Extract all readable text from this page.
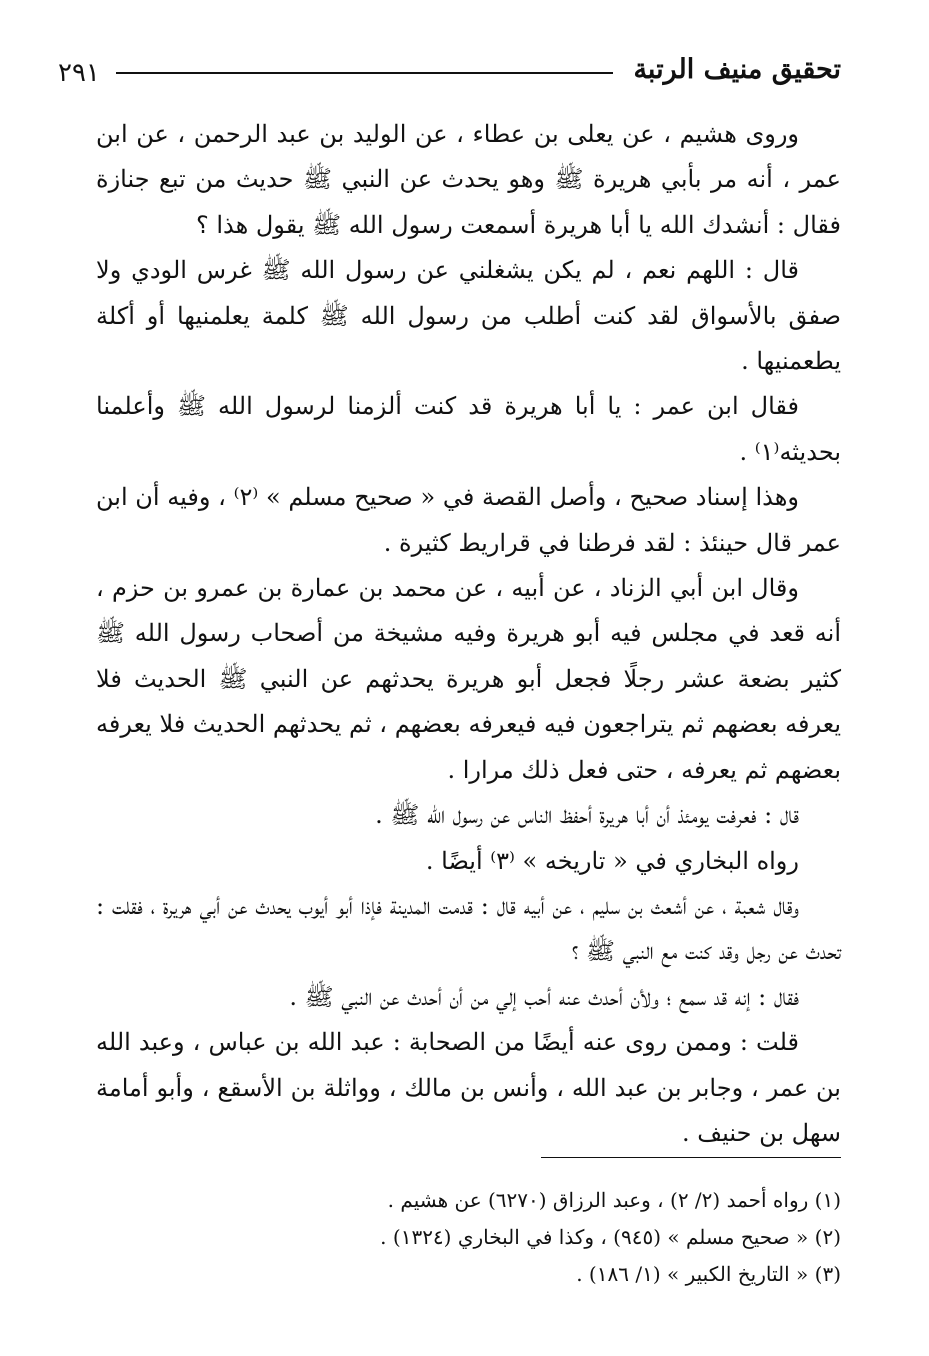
تحقيق منيف الرتبة
٢٩١

وروى هشيم ، عن يعلى بن عطاء ، عن الوليد بن عبد الرحمن ، عن ابن عمر ، أنه مر بأبي هريرة ﷺ وهو يحدث عن النبي ﷺ حديث من تبع جنازة فقال : أنشدك الله يا أبا هريرة أسمعت رسول الله ﷺ يقول هذا ؟

قال : اللهم نعم ، لم يكن يشغلني عن رسول الله ﷺ غرس الودي ولا صفق بالأسواق لقد كنت أطلب من رسول الله ﷺ كلمة يعلمنيها أو أكلة يطعمنيها .

فقال ابن عمر : يا أبا هريرة قد كنت ألزمنا لرسول الله ﷺ وأعلمنا بحديثه⁽١⁾ .

وهذا إسناد صحيح ، وأصل القصة في « صحيح مسلم » ⁽٢⁾ ، وفيه أن ابن عمر قال حينئذ : لقد فرطنا في قراريط كثيرة .

وقال ابن أبي الزناد ، عن أبيه ، عن محمد بن عمارة بن عمرو بن حزم ، أنه قعد في مجلس فيه أبو هريرة وفيه مشيخة من أصحاب رسول الله ﷺ كثير بضعة عشر رجلًا فجعل أبو هريرة يحدثهم عن النبي ﷺ الحديث فلا يعرفه بعضهم ثم يتراجعون فيه فيعرفه بعضهم ، ثم يحدثهم الحديث فلا يعرفه بعضهم ثم يعرفه ، حتى فعل ذلك مرارا .

قال : فعرفت يومئذ أن أبا هريرة أحفظ الناس عن رسول الله ﷺ .

رواه البخاري في « تاريخه » ⁽٣⁾ أيضًا .

وقال شعبة ، عن أشعث بن سليم ، عن أبيه قال : قدمت المدينة فإذا أبو أيوب يحدث عن أبي هريرة ، فقلت : تحدث عن رجل وقد كنت مع النبي ﷺ ؟

فقال : إنه قد سمع ؛ ولأن أحدث عنه أحب إلي من أن أحدث عن النبي ﷺ .

قلت : وممن روى عنه أيضًا من الصحابة : عبد الله بن عباس ، وعبد الله بن عمر ، وجابر بن عبد الله ، وأنس بن مالك ، وواثلة بن الأسقع ، وأبو أمامة سهل بن حنيف .

(١) رواه أحمد (٢/ ٢) ، وعبد الرزاق (٦٢٧٠) عن هشيم .

(٢) « صحيح مسلم » (٩٤٥) ، وكذا في البخاري (١٣٢٤) .

(٣) « التاريخ الكبير » (١/ ١٨٦) .
